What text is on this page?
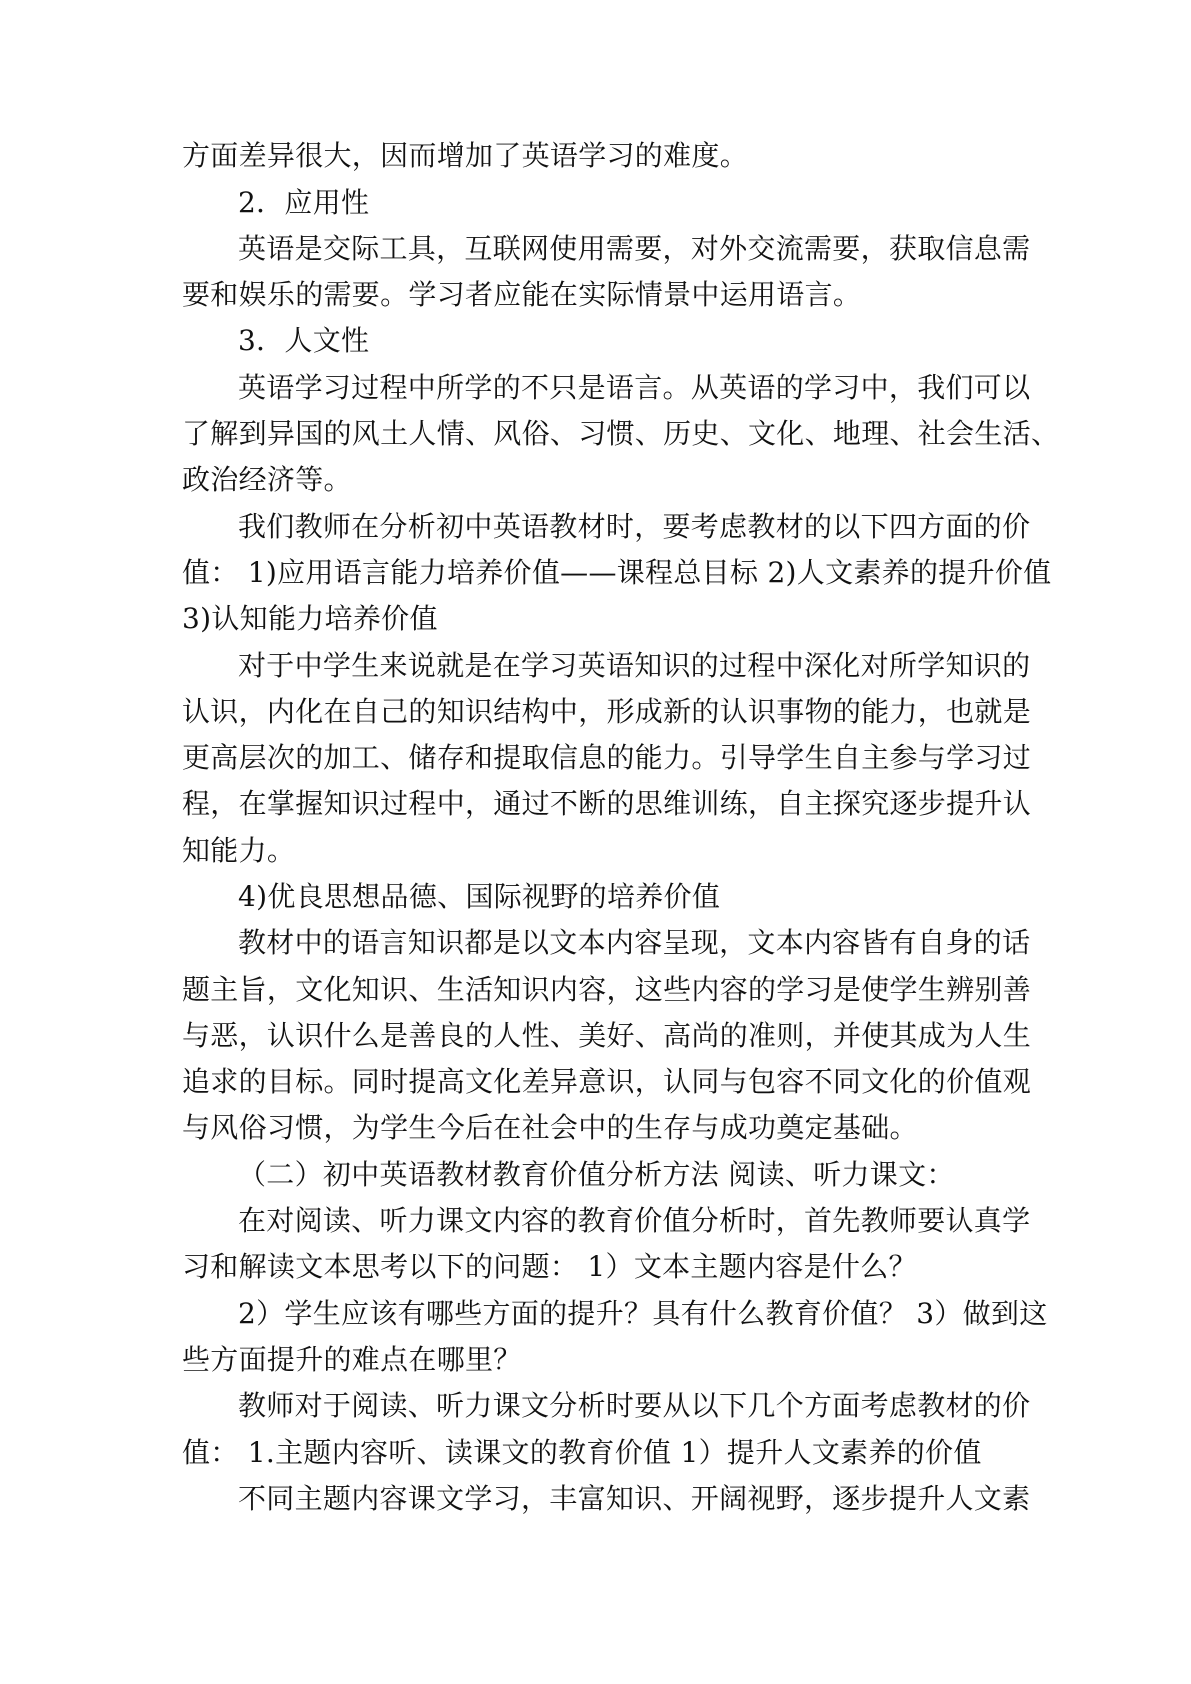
方面差异很大，因而增加了英语学习的难度。
2．应用性
英语是交际工具，互联网使用需要，对外交流需要，获取信息需
要和娱乐的需要。学习者应能在实际情景中运用语言。
3．人文性
英语学习过程中所学的不只是语言。从英语的学习中，我们可以
了解到异国的风土人情、风俗、习惯、历史、文化、地理、社会生活、
政治经济等。
我们教师在分析初中英语教材时，要考虑教材的以下四方面的价
值： 1)应用语言能力培养价值——课程总目标 2)人文素养的提升价值
3)认知能力培养价值
对于中学生来说就是在学习英语知识的过程中深化对所学知识的
认识，内化在自己的知识结构中，形成新的认识事物的能力，也就是
更高层次的加工、储存和提取信息的能力。引导学生自主参与学习过
程，在掌握知识过程中，通过不断的思维训练，自主探究逐步提升认
知能力。
4)优良思想品德、国际视野的培养价值
教材中的语言知识都是以文本内容呈现，文本内容皆有自身的话
题主旨，文化知识、生活知识内容，这些内容的学习是使学生辨别善
与恶，认识什么是善良的人性、美好、高尚的准则，并使其成为人生
追求的目标。同时提高文化差异意识，认同与包容不同文化的价值观
与风俗习惯，为学生今后在社会中的生存与成功奠定基础。
（二）初中英语教材教育价值分析方法 阅读、听力课文：
在对阅读、听力课文内容的教育价值分析时，首先教师要认真学
习和解读文本思考以下的问题： 1）文本主题内容是什么？
2）学生应该有哪些方面的提升？具有什么教育价值？ 3）做到这
些方面提升的难点在哪里？
教师对于阅读、听力课文分析时要从以下几个方面考虑教材的价
值： 1.主题内容听、读课文的教育价值 1）提升人文素养的价值
不同主题内容课文学习，丰富知识、开阔视野，逐步提升人文素
